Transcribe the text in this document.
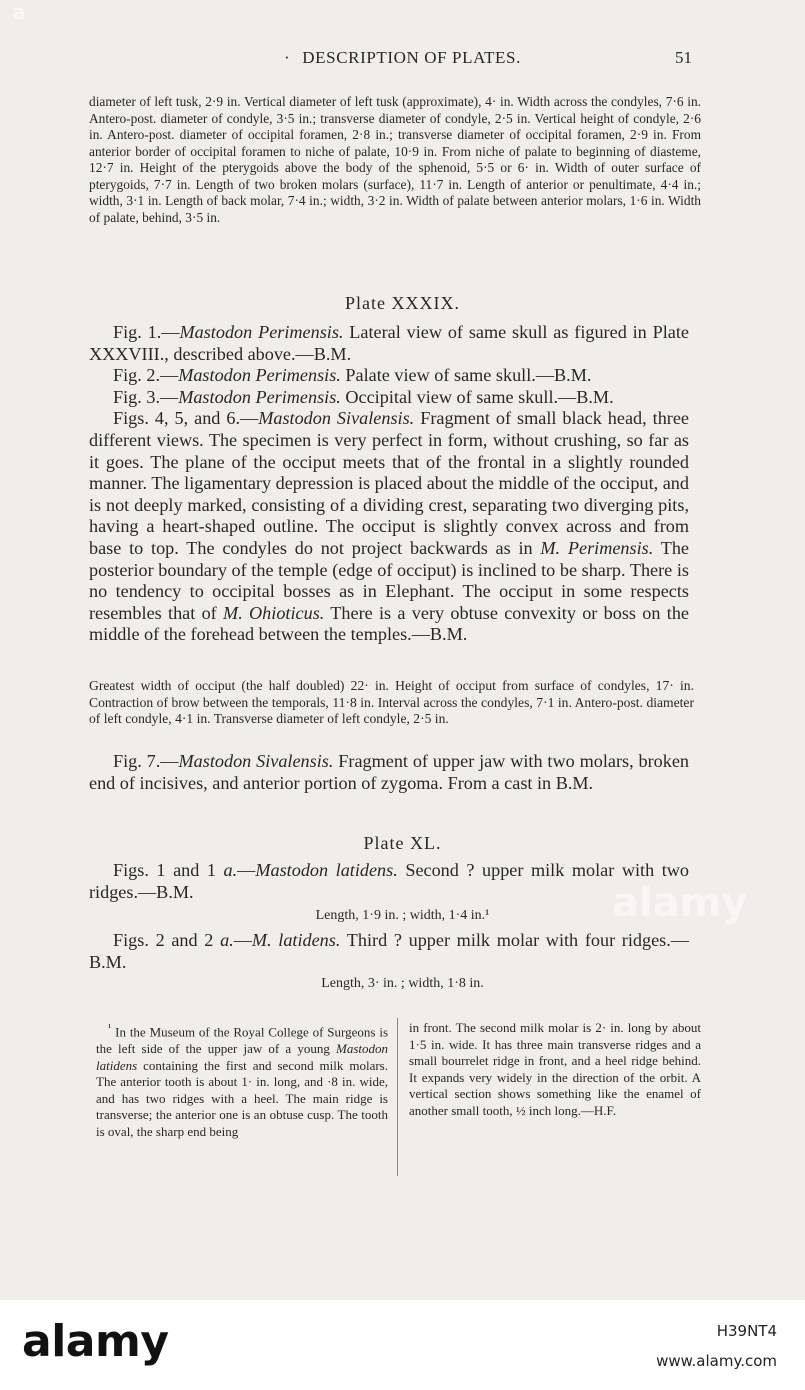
· DESCRIPTION OF PLATES.	51
diameter of left tusk, 2·9 in. Vertical diameter of left tusk (approximate), 4· in. Width across the condyles, 7·6 in. Antero-post. diameter of condyle, 3·5 in.; transverse diameter of condyle, 2·5 in. Vertical height of condyle, 2·6 in. Antero-post. diameter of occipital foramen, 2·8 in.; transverse diameter of occipital foramen, 2·9 in. From anterior border of occipital foramen to niche of palate, 10·9 in. From niche of palate to beginning of diasteme, 12·7 in. Height of the pterygoids above the body of the sphenoid, 5·5 or 6· in. Width of outer surface of pterygoids, 7·7 in. Length of two broken molars (surface), 11·7 in. Length of anterior or penultimate, 4·4 in.; width, 3·1 in. Length of back molar, 7·4 in.; width, 3·2 in. Width of palate between anterior molars, 1·6 in. Width of palate, behind, 3·5 in.
Plate XXXIX.

Fig. 1.—Mastodon Perimensis. Lateral view of same skull as figured in Plate XXXVIII., described above.—B.M.

Fig. 2.—Mastodon Perimensis. Palate view of same skull.—B.M.

Fig. 3.—Mastodon Perimensis. Occipital view of same skull.—B.M.

Figs. 4, 5, and 6.—Mastodon Sivalensis. Fragment of small black head, three different views. The specimen is very perfect in form, without crushing, so far as it goes. The plane of the occiput meets that of the frontal in a slightly rounded manner. The ligamentary depression is placed about the middle of the occiput, and is not deeply marked, consisting of a dividing crest, separating two diverging pits, having a heart-shaped outline. The occiput is slightly convex across and from base to top. The condyles do not project backwards as in M. Perimensis. The posterior boundary of the temple (edge of occiput) is inclined to be sharp. There is no tendency to occipital bosses as in Elephant. The occiput in some respects resembles that of M. Ohioticus. There is a very obtuse convexity or boss on the middle of the forehead between the temples.—B.M.

Greatest width of occiput (the half doubled) 22· in. Height of occiput from surface of condyles, 17· in. Contraction of brow between the temporals, 11·8 in. Interval across the condyles, 7·1 in. Antero-post. diameter of left condyle, 4·1 in. Transverse diameter of left condyle, 2·5 in.

Fig. 7.—Mastodon Sivalensis. Fragment of upper jaw with two molars, broken end of incisives, and anterior portion of zygoma. From a cast in B.M.

Plate XL.

Figs. 1 and 1 a.—Mastodon latidens. Second ? upper milk molar with two ridges.—B.M.

Length, 1·9 in. ; width, 1·4 in.¹

Figs. 2 and 2 a.—M. latidens. Third ? upper milk molar with four ridges.—B.M.

Length, 3· in. ; width, 1·8 in.
$^{^1}$ In the Museum of the Royal College of Surgeons is the left side of the upper jaw of a young Mastodon latidens containing the first and second milk molars. The anterior tooth is about 1· in. long, and ·8 in. wide, and has two ridges with a heel. The main ridge is transverse; the anterior one is an obtuse cusp. The tooth is oval, the sharp end being
in front. The second milk molar is 2· in. long by about 1·5 in. wide. It has three main transverse ridges and a small bourrelet ridge in front, and a heel ridge behind. It expands very widely in the direction of the orbit. A vertical section shows something like the enamel of another small tooth, ½ inch long.—H.F.
alamy
a
alamy	H39NT4
www.alamy.com
